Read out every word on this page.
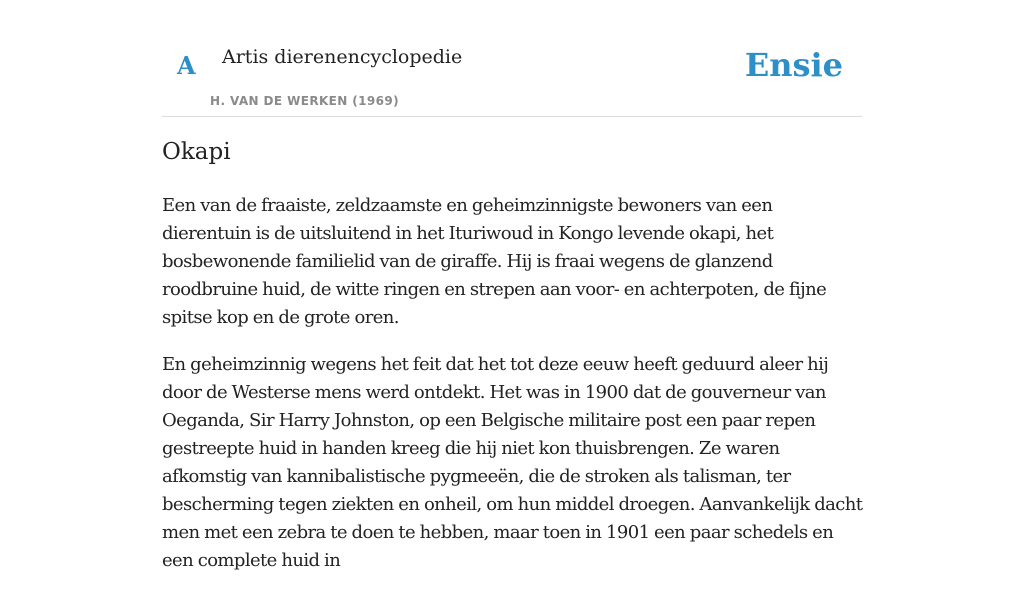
A Artis dierenencyclopedie
H. VAN DE WERKEN (1969)
Ensie
Okapi

Een van de fraaiste, zeldzaamste en geheimzinnigste bewoners van een dierentuin is de uitsluitend in het Ituriwoud in Kongo levende okapi, het bosbewonende familielid van de giraffe. Hij is fraai wegens de glanzend roodbruine huid, de witte ringen en strepen aan voor- en achterpoten, de fijne spitse kop en de grote oren.

En geheimzinnig wegens het feit dat het tot deze eeuw heeft geduurd aleer hij door de Westerse mens werd ontdekt. Het was in 1900 dat de gouverneur van Oeganda, Sir Harry Johnston, op een Belgische militaire post een paar repen gestreepte huid in handen kreeg die hij niet kon thuisbrengen. Ze waren afkomstig van kannibalistische pygmeeën, die de stroken als talisman, ter bescherming tegen ziekten en onheil, om hun middel droegen. Aanvankelijk dacht men met een zebra te doen te hebben, maar toen in 1901 een paar schedels en een complete huid in
